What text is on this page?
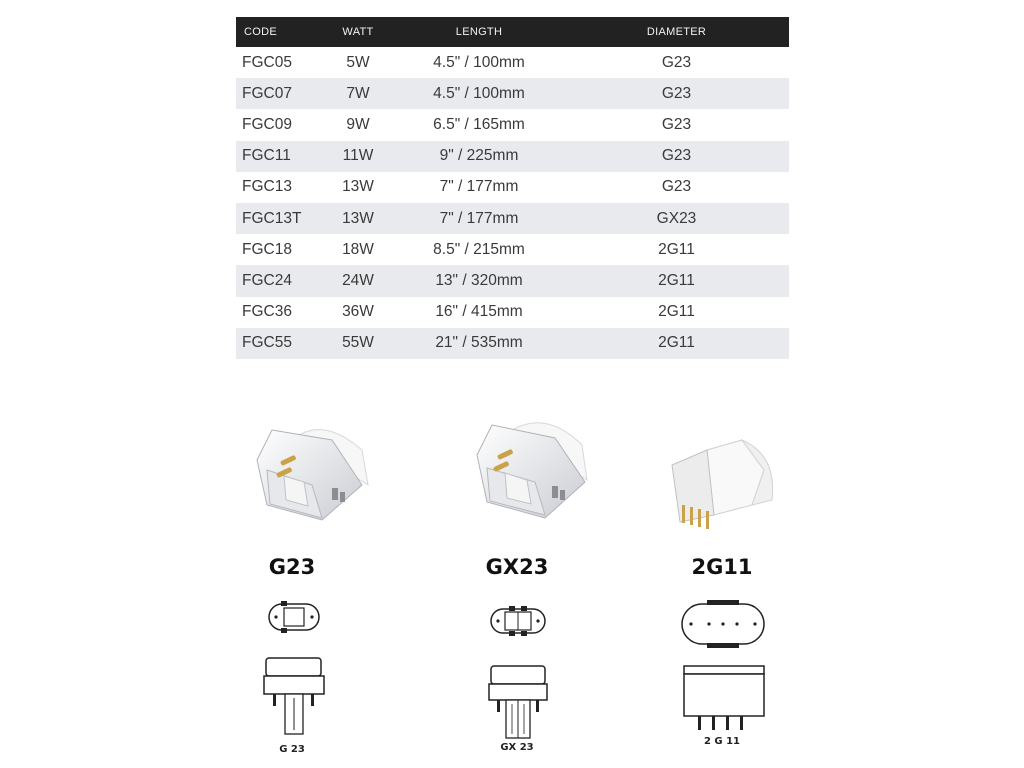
CODE	WATT	LENGTH	DIAMETER
FGC05	5W	4.5" / 100mm	G23
FGC07	7W	4.5" / 100mm	G23
FGC09	9W	6.5" / 165mm	G23
FGC11	11W	9" / 225mm	G23
FGC13	13W	7" / 177mm	G23
FGC13T	13W	7" / 177mm	GX23
FGC18	18W	8.5" / 215mm	2G11
FGC24	24W	13" / 320mm	2G11
FGC36	36W	16" / 415mm	2G11
FGC55	55W	21" / 535mm	2G11
G23
G 23
GX23
GX 23
2G11
2 G 11
